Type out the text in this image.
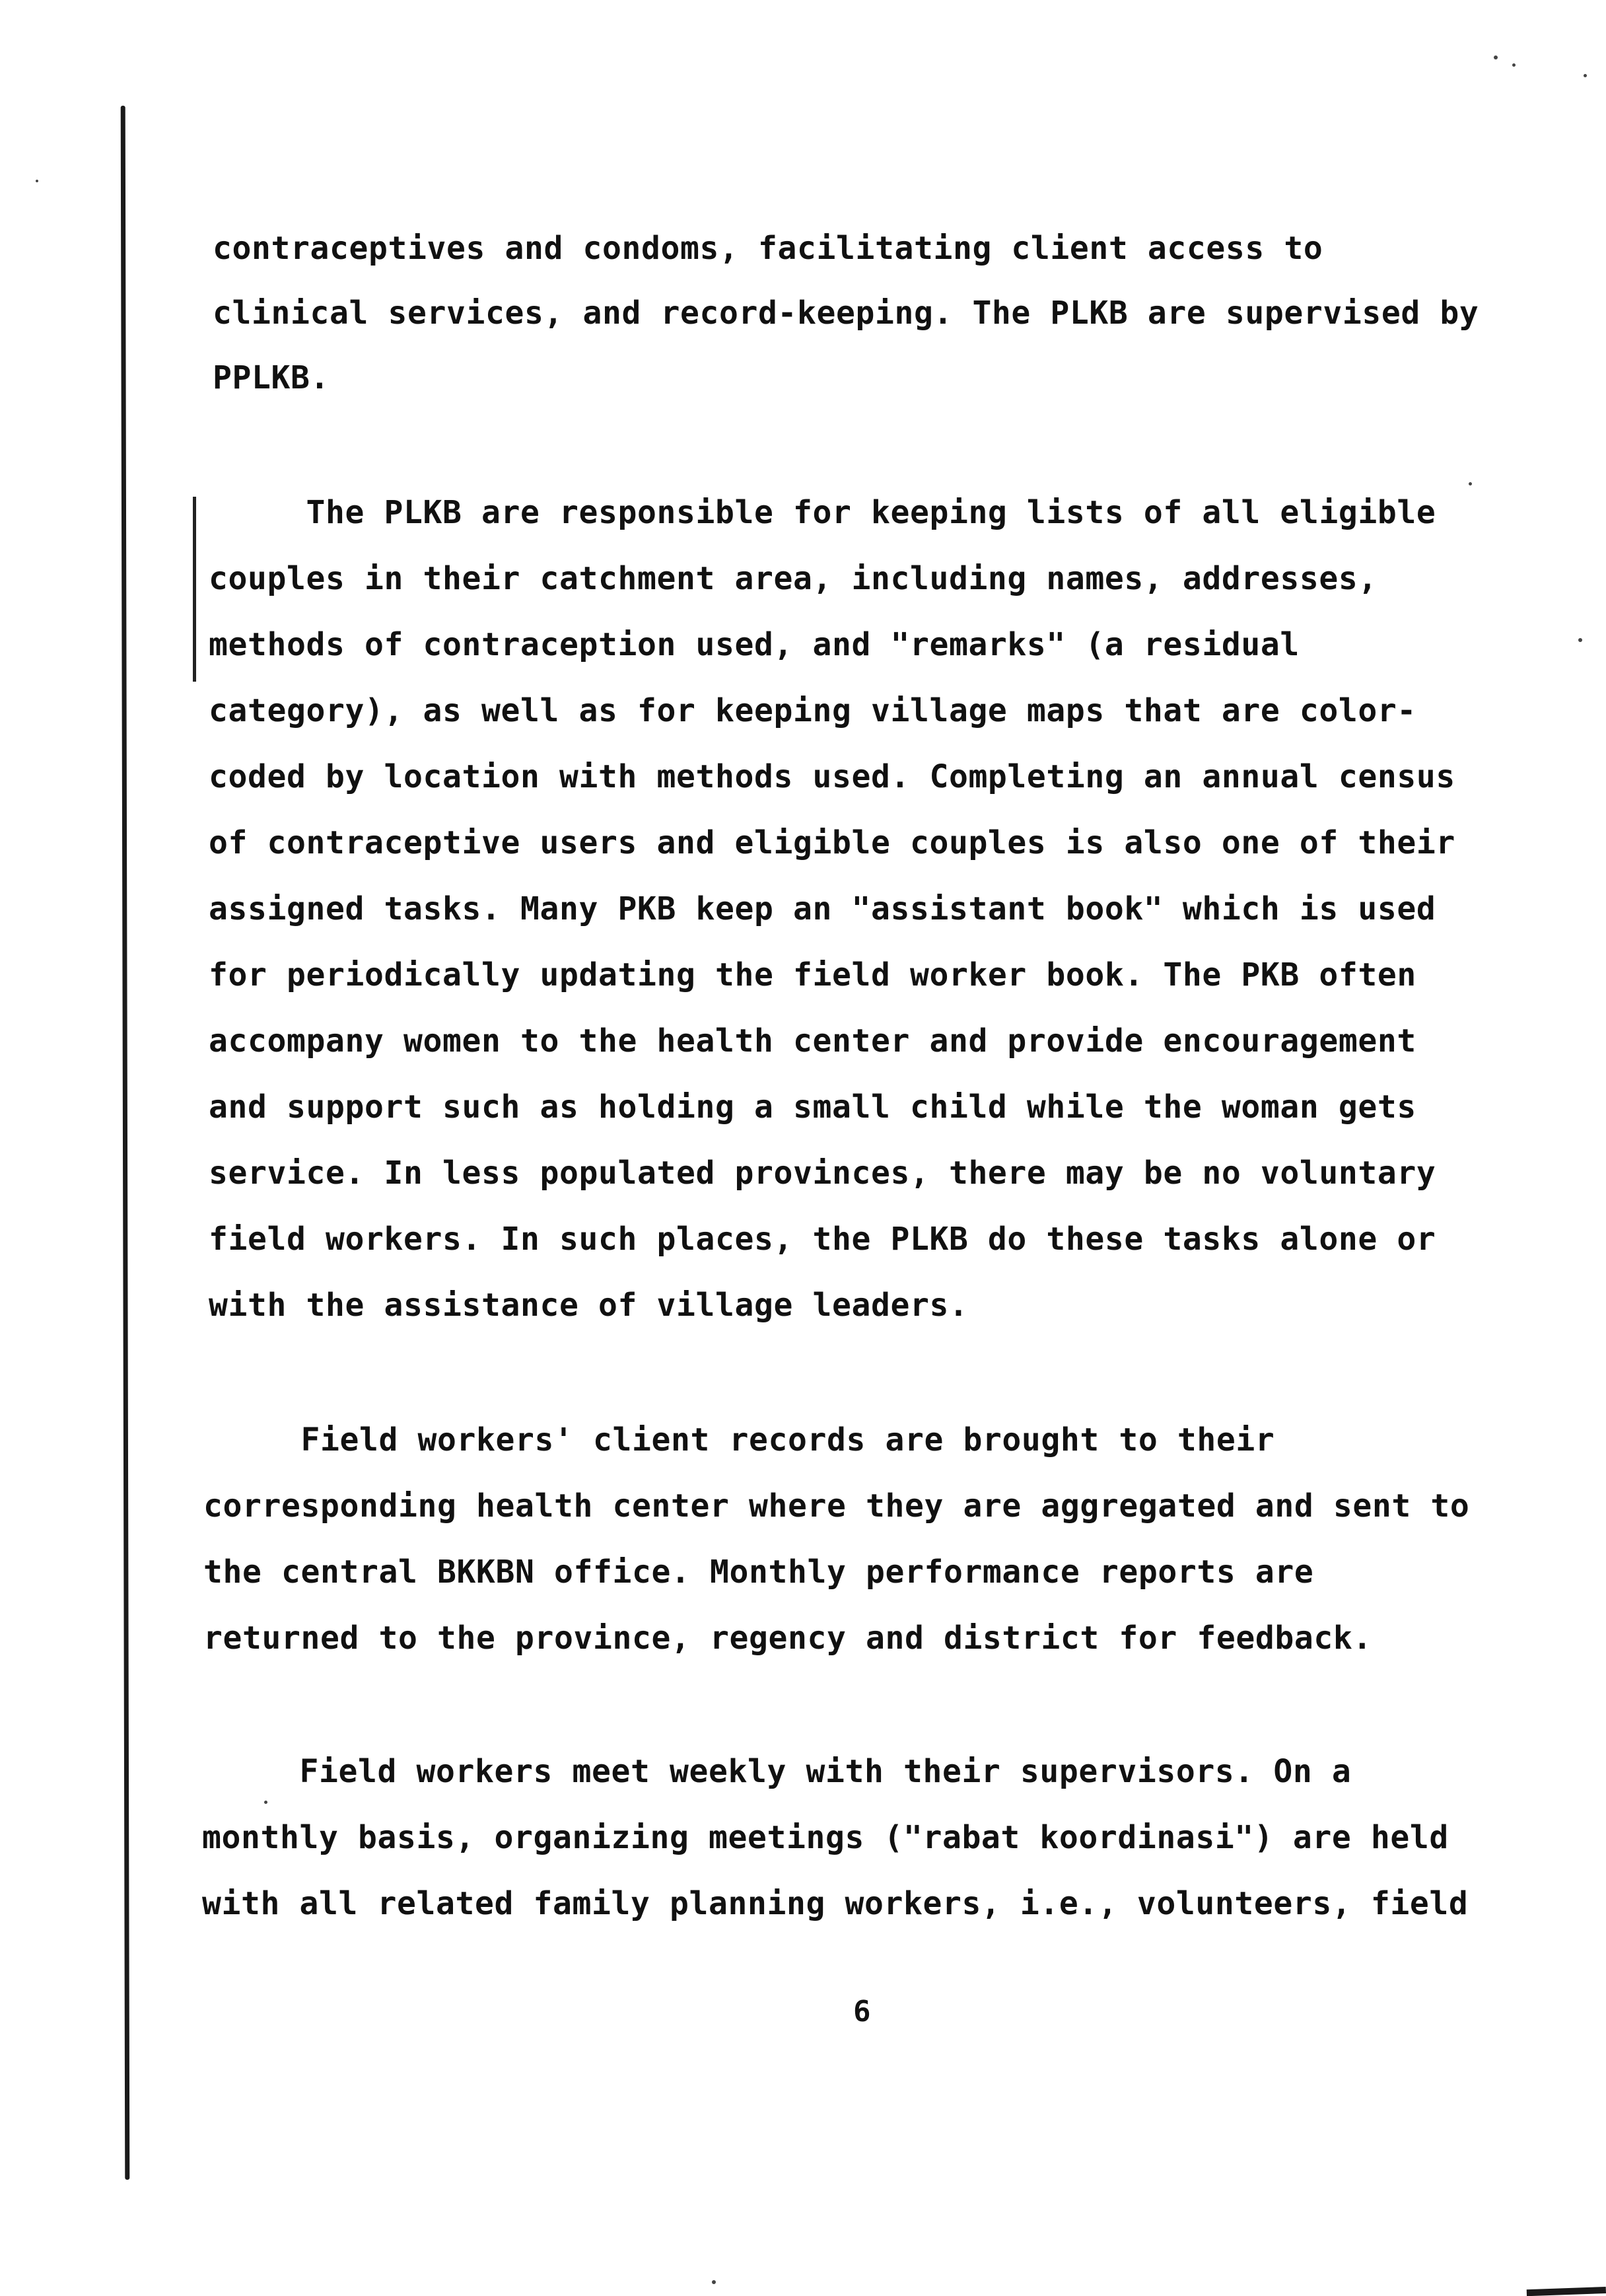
contraceptives and condoms, facilitating client access to
clinical services, and record-keeping. The PLKB are supervised by
PPLKB.
The PLKB are responsible for keeping lists of all eligible
couples in their catchment area, including names, addresses,
methods of contraception used, and "remarks" (a residual
category), as well as for keeping village maps that are color-
coded by location with methods used. Completing an annual census
of contraceptive users and eligible couples is also one of their
assigned tasks. Many PKB keep an "assistant book" which is used
for periodically updating the field worker book. The PKB often
accompany women to the health center and provide encouragement
and support such as holding a small child while the woman gets
service. In less populated provinces, there may be no voluntary
field workers. In such places, the PLKB do these tasks alone or
with the assistance of village leaders.
Field workers' client records are brought to their
corresponding health center where they are aggregated and sent to
the central BKKBN office. Monthly performance reports are
returned to the province, regency and district for feedback.
Field workers meet weekly with their supervisors. On a
monthly basis, organizing meetings ("rabat koordinasi") are held
with all related family planning workers, i.e., volunteers, field
6
